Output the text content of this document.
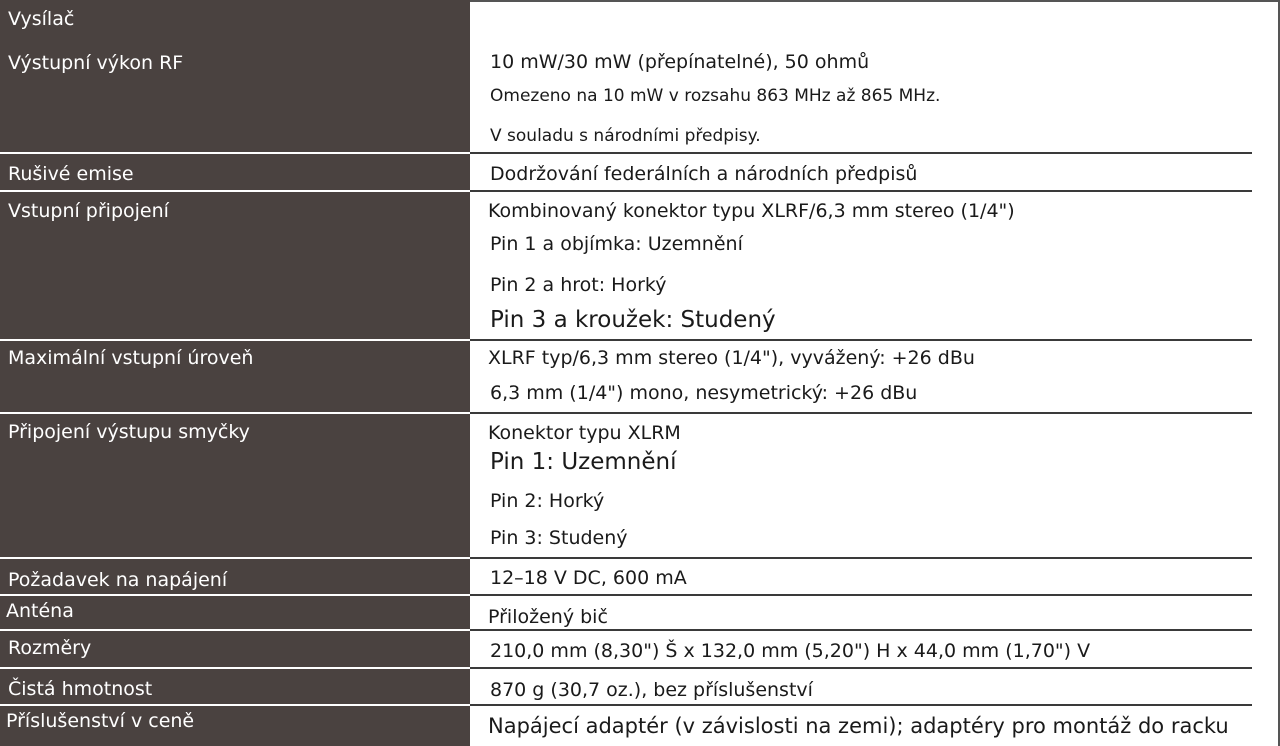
Vysílač
Výstupní výkon RF	10 mW/30 mW (přepínatelné), 50 ohmů
Omezeno na 10 mW v rozsahu 863 MHz až 865 MHz.
V souladu s národními předpisy.
Rušivé emise	Dodržování federálních a národních předpisů
Vstupní připojení	Kombinovaný konektor typu XLRF/6,3 mm stereo (1/4")
Pin 1 a objímka: Uzemnění
Pin 2 a hrot: Horký
Pin 3 a kroužek: Studený
Maximální vstupní úroveň	XLRF typ/6,3 mm stereo (1/4"), vyvážený: +26 dBu
6,3 mm (1/4") mono, nesymetrický: +26 dBu
Připojení výstupu smyčky	Konektor typu XLRM
Pin 1: Uzemnění
Pin 2: Horký
Pin 3: Studený
Požadavek na napájení	12–18 V DC, 600 mA
Anténa	Přiložený bič
Rozměry	210,0 mm (8,30") Š x 132,0 mm (5,20") H x 44,0 mm (1,70") V
Čistá hmotnost	870 g (30,7 oz.), bez příslušenství
Příslušenství v ceně	Napájecí adaptér (v závislosti na zemi); adaptéry pro montáž do racku
